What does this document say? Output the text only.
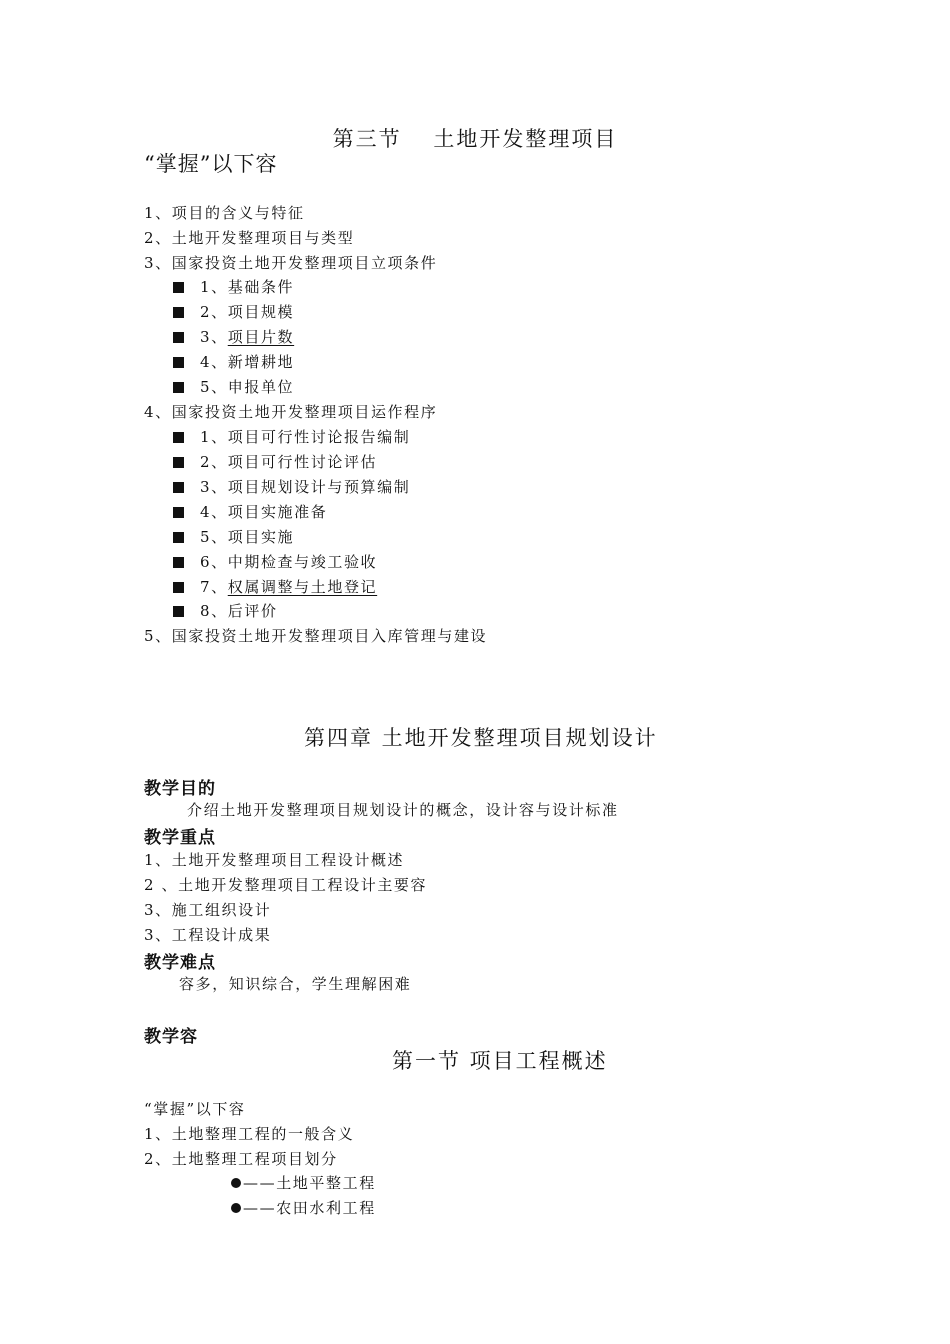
第三节　 土地开发整理项目
“掌握”以下容
1、项目的含义与特征
2、土地开发整理项目与类型
3、国家投资土地开发整理项目立项条件
1、基础条件
2、项目规模
3、项目片数
4、新增耕地
5、申报单位
4、国家投资土地开发整理项目运作程序
1、项目可行性讨论报告编制
2、项目可行性讨论评估
3、项目规划设计与预算编制
4、项目实施准备
5、项目实施
6、中期检查与竣工验收
7、权属调整与土地登记
8、后评价
5、国家投资土地开发整理项目入库管理与建设
第四章 土地开发整理项目规划设计
教学目的
介绍土地开发整理项目规划设计的概念，设计容与设计标准
教学重点
1、土地开发整理项目工程设计概述
2 、土地开发整理项目工程设计主要容
3、施工组织设计
3、工程设计成果
教学难点
容多，知识综合，学生理解困难
教学容
第一节 项目工程概述
“掌握”以下容
1、土地整理工程的一般含义
2、土地整理工程项目划分
——土地平整工程
——农田水利工程
